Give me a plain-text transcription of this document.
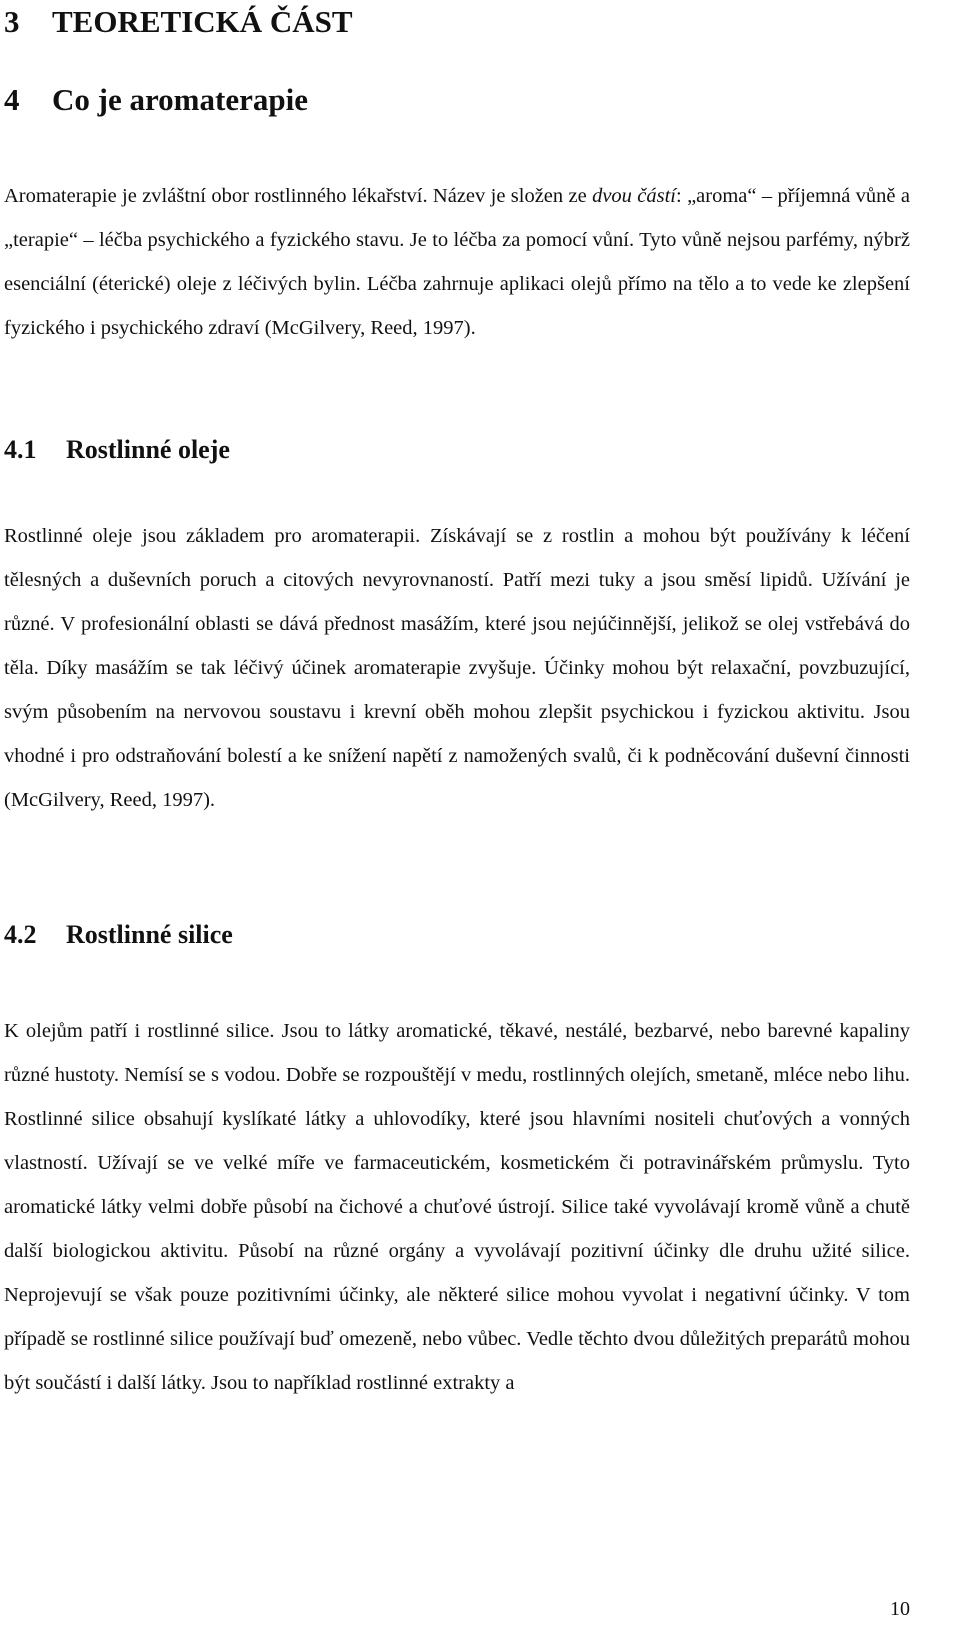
3 TEORETICKÁ ČÁST
4 Co je aromaterapie

Aromaterapie je zvláštní obor rostlinného lékařství. Název je složen ze dvou částí: „aroma“ – příjemná vůně a „terapie“ – léčba psychického a fyzického stavu. Je to léčba za pomocí vůní. Tyto vůně nejsou parfémy, nýbrž esenciální (éterické) oleje z léčivých bylin. Léčba zahrnuje aplikaci olejů přímo na tělo a to vede ke zlepšení fyzického i psychického zdraví (McGilvery, Reed, 1997).

4.1 Rostlinné oleje

Rostlinné oleje jsou základem pro aromaterapii. Získávají se z rostlin a mohou být používány k léčení tělesných a duševních poruch a citových nevyrovnaností. Patří mezi tuky a jsou směsí lipidů. Užívání je různé. V profesionální oblasti se dává přednost masážím, které jsou nejúčinnější, jelikož se olej vstřebává do těla. Díky masážím se tak léčivý účinek aromaterapie zvyšuje. Účinky mohou být relaxační, povzbuzující, svým působením na nervovou soustavu i krevní oběh mohou zlepšit psychickou i fyzickou aktivitu. Jsou vhodné i pro odstraňování bolestí a ke snížení napětí z namožených svalů, či k podněcování duševní činnosti (McGilvery, Reed, 1997).

4.2 Rostlinné silice

K olejům patří i rostlinné silice. Jsou to látky aromatické, těkavé, nestálé, bezbarvé, nebo barevné kapaliny různé hustoty. Nemísí se s vodou. Dobře se rozpouštějí v medu, rostlinných olejích, smetaně, mléce nebo lihu. Rostlinné silice obsahují kyslíkaté látky a uhlovodíky, které jsou hlavními nositeli chuťových a vonných vlastností. Užívají se ve velké míře ve farmaceutickém, kosmetickém či potravinářském průmyslu. Tyto aromatické látky velmi dobře působí na čichové a chuťové ústrojí. Silice také vyvolávají kromě vůně a chutě další biologickou aktivitu. Působí na různé orgány a vyvolávají pozitivní účinky dle druhu užité silice. Neprojevují se však pouze pozitivními účinky, ale některé silice mohou vyvolat i negativní účinky. V tom případě se rostlinné silice používají buď omezeně, nebo vůbec. Vedle těchto dvou důležitých preparátů mohou být součástí i další látky. Jsou to například rostlinné extrakty a

10
